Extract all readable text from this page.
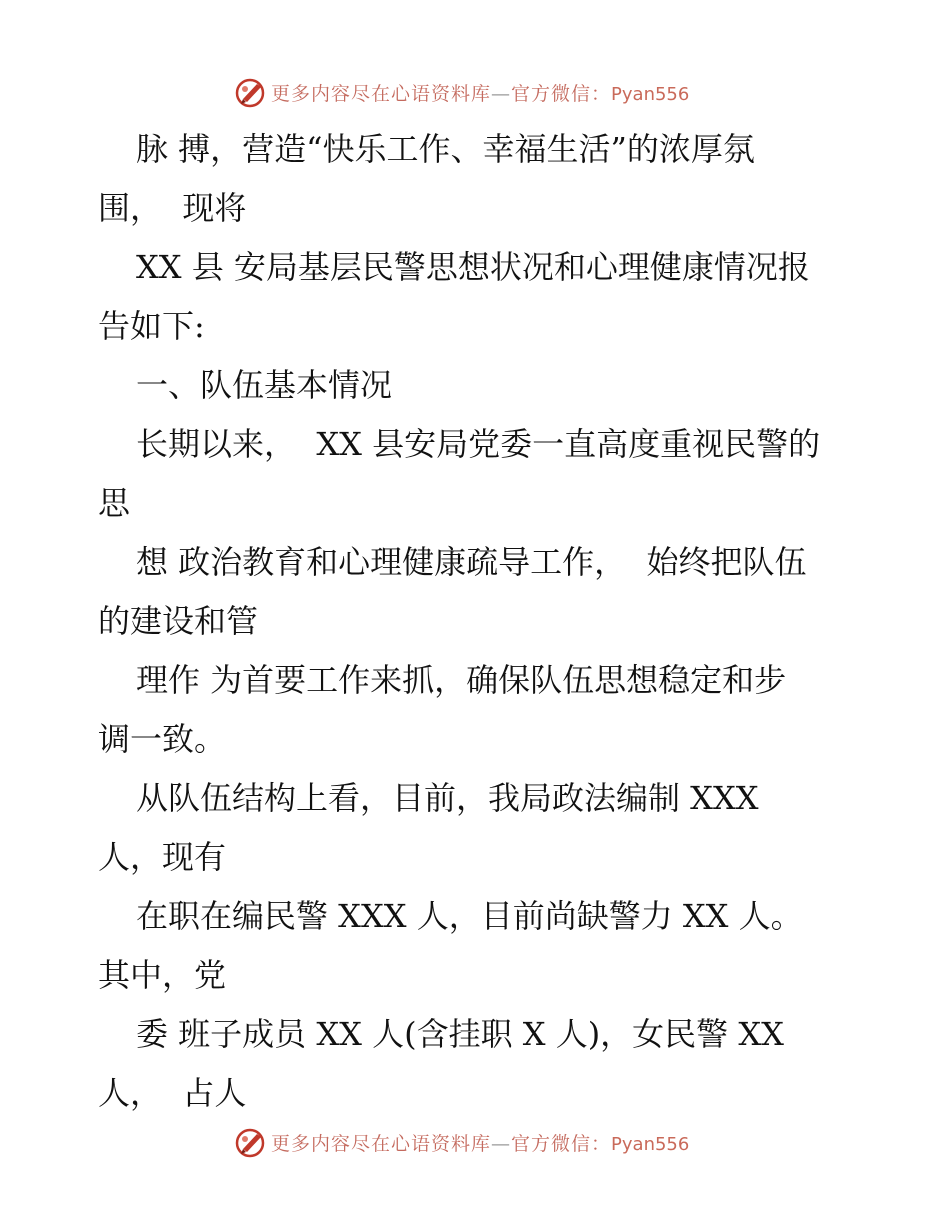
更多内容尽在心语资料库—官方微信：Pyan556
脉 搏，营造“快乐工作、幸福生活”的浓厚氛
围，  现将
XX 县 安局基层民警思想状况和心理健康情况报
告如下:
一、队伍基本情况
长期以来，  XX 县安局党委一直高度重视民警的
思
想 政治教育和心理健康疏导工作，  始终把队伍
的建设和管
理作 为首要工作来抓，确保队伍思想稳定和步
调一致。
从队伍结构上看，目前，我局政法编制 XXX
人，现有
在职在编民警 XXX 人，目前尚缺警力 XX 人。
其中，党
委 班子成员 XX 人(含挂职 X 人)，女民警 XX
人，  占人
更多内容尽在心语资料库—官方微信：Pyan556
